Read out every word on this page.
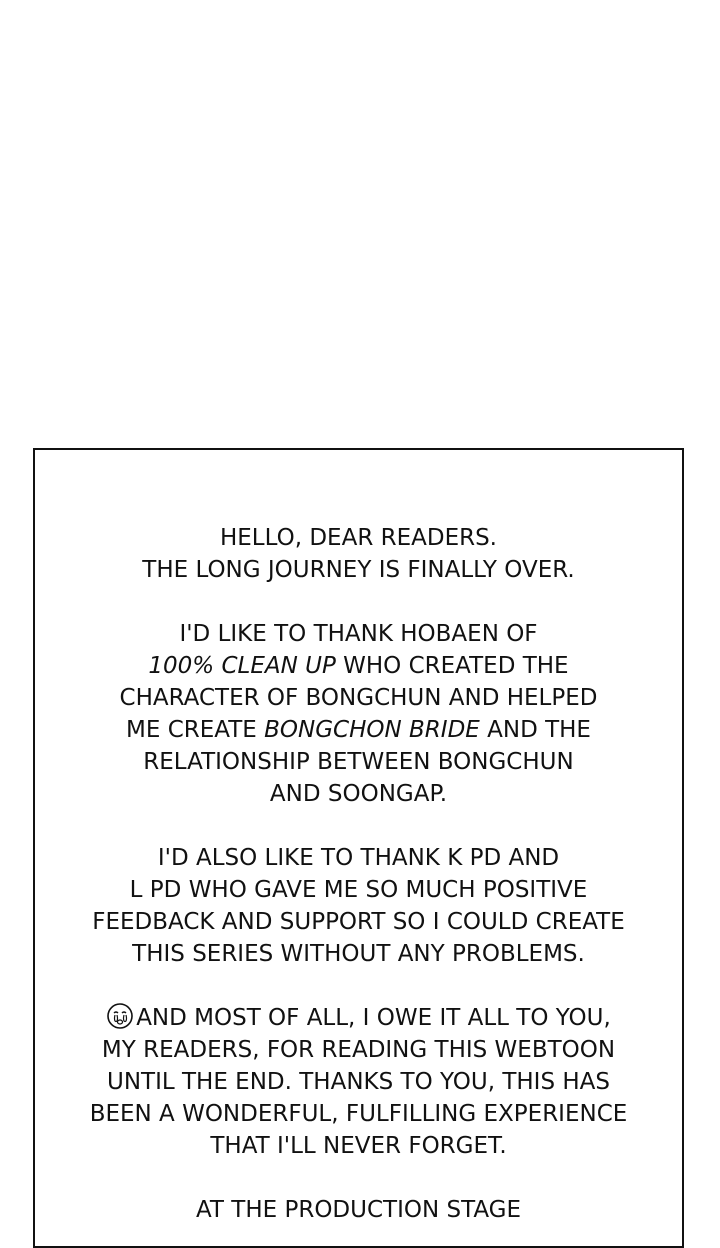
HELLO, DEAR READERS.
THE LONG JOURNEY IS FINALLY OVER.
I'D LIKE TO THANK HOBAEN OF
100% CLEAN UP WHO CREATED THE
CHARACTER OF BONGCHUN AND HELPED
ME CREATE BONGCHON BRIDE AND THE
RELATIONSHIP BETWEEN BONGCHUN
AND SOONGAP.
I'D ALSO LIKE TO THANK K PD AND
L PD WHO GAVE ME SO MUCH POSITIVE
FEEDBACK AND SUPPORT SO I COULD CREATE
THIS SERIES WITHOUT ANY PROBLEMS.
AND MOST OF ALL, I OWE IT ALL TO YOU,
MY READERS, FOR READING THIS WEBTOON
UNTIL THE END. THANKS TO YOU, THIS HAS
BEEN A WONDERFUL, FULFILLING EXPERIENCE
THAT I'LL NEVER FORGET.
AT THE PRODUCTION STAGE
